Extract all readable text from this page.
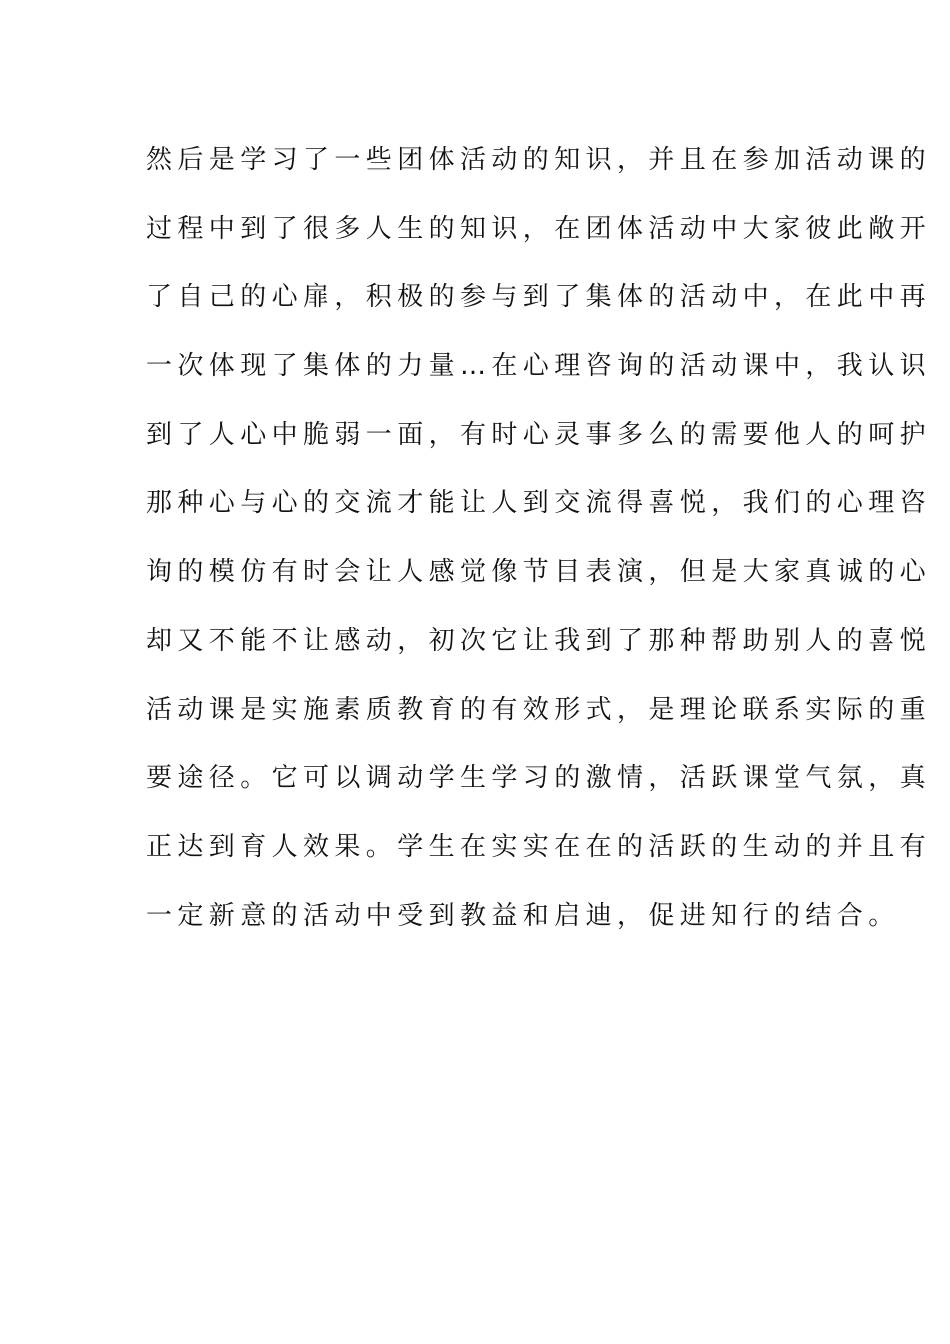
然后是学习了一些团体活动的知识，并且在参加活动课的
过程中到了很多人生的知识，在团体活动中大家彼此敞开
了自己的心扉，积极的参与到了集体的活动中，在此中再
一次体现了集体的力量…在心理咨询的活动课中，我认识
到了人心中脆弱一面，有时心灵事多么的需要他人的呵护
那种心与心的交流才能让人到交流得喜悦，我们的心理咨
询的模仿有时会让人感觉像节目表演，但是大家真诚的心
却又不能不让感动，初次它让我到了那种帮助别人的喜悦
活动课是实施素质教育的有效形式，是理论联系实际的重
要途径。它可以调动学生学习的激情，活跃课堂气氛，真
正达到育人效果。学生在实实在在的活跃的生动的并且有
一定新意的活动中受到教益和启迪，促进知行的结合。
